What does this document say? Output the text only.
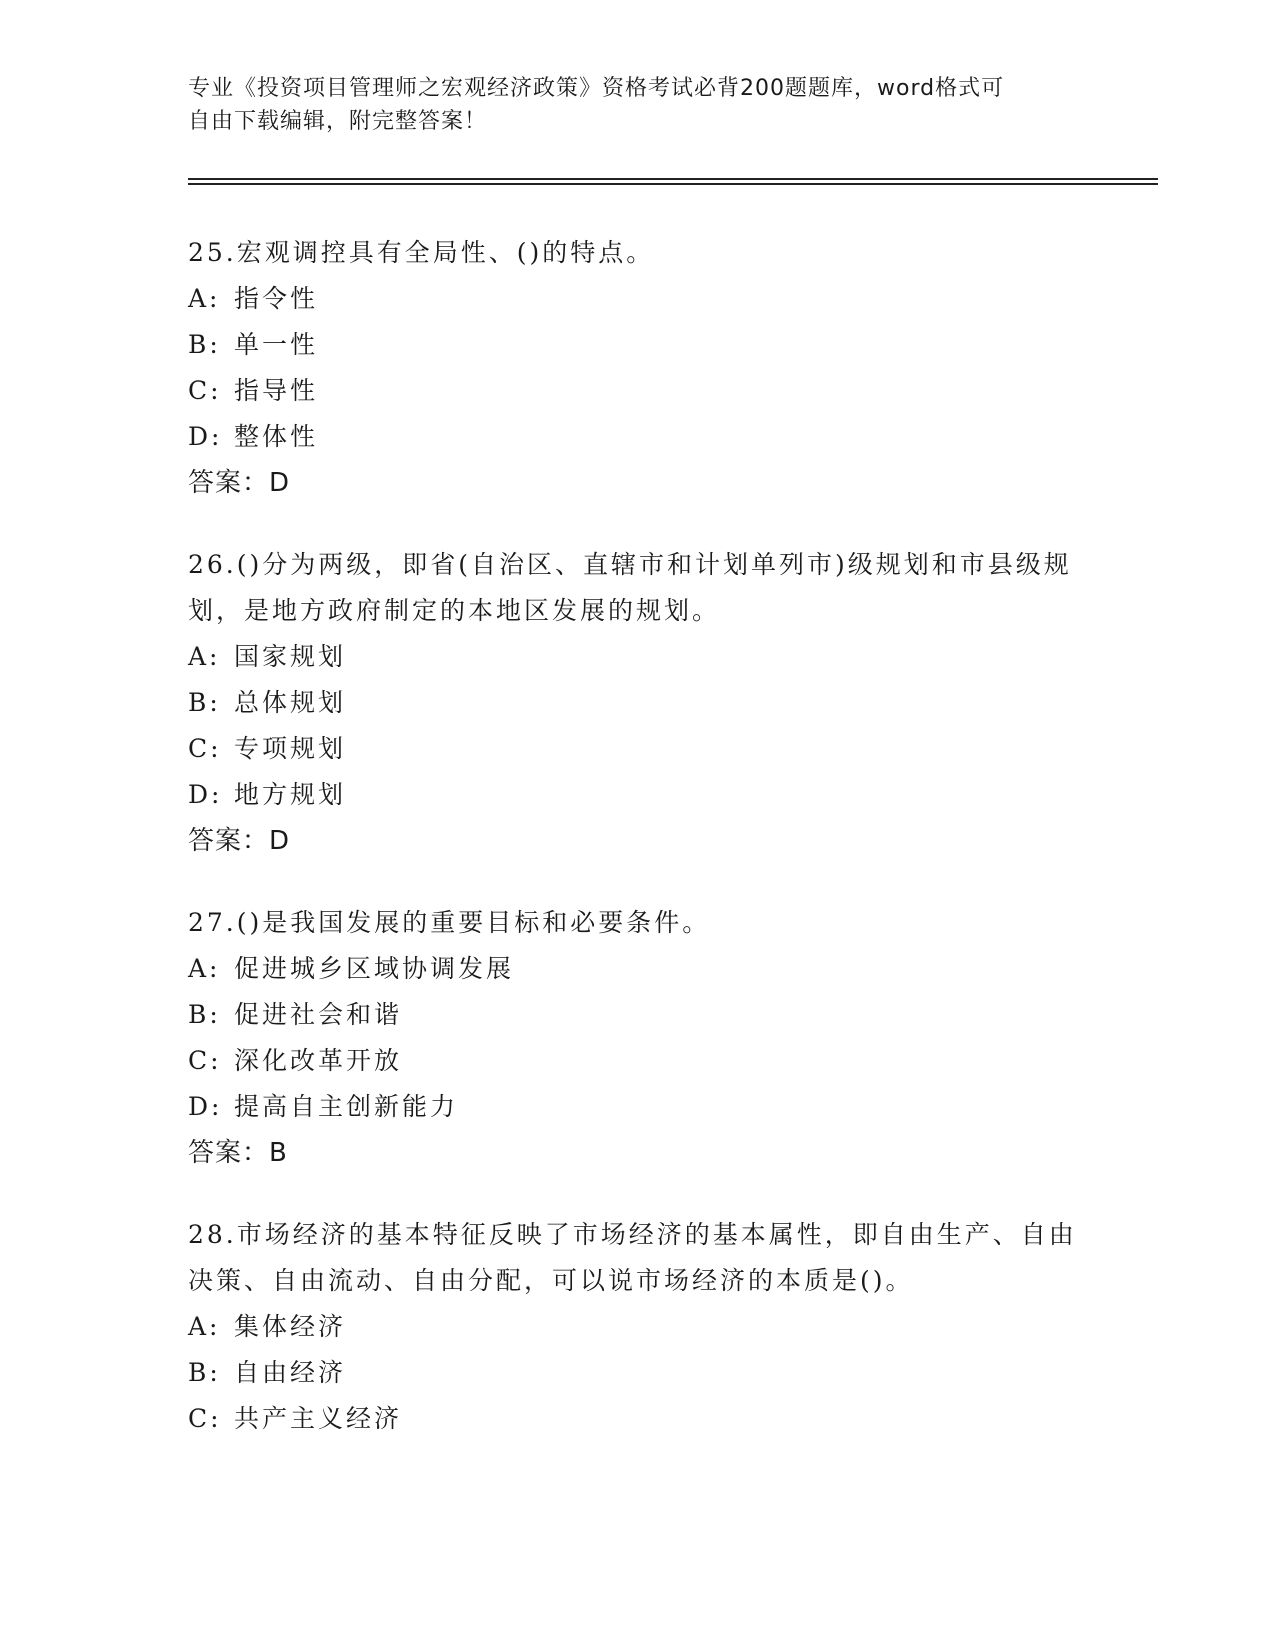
专业《投资项目管理师之宏观经济政策》资格考试必背200题题库，word格式可
自由下载编辑，附完整答案！

25.宏观调控具有全局性、()的特点。

A: 指令性

B: 单一性

C: 指导性

D: 整体性

答案：D

26.()分为两级，即省(自治区、直辖市和计划单列市)级规划和市县级规划，是地方政府制定的本地区发展的规划。

A: 国家规划

B: 总体规划

C: 专项规划

D: 地方规划

答案：D

27.()是我国发展的重要目标和必要条件。

A: 促进城乡区域协调发展

B: 促进社会和谐

C: 深化改革开放

D: 提高自主创新能力

答案：B

28.市场经济的基本特征反映了市场经济的基本属性，即自由生产、自由决策、自由流动、自由分配，可以说市场经济的本质是()。

A: 集体经济

B: 自由经济

C: 共产主义经济
